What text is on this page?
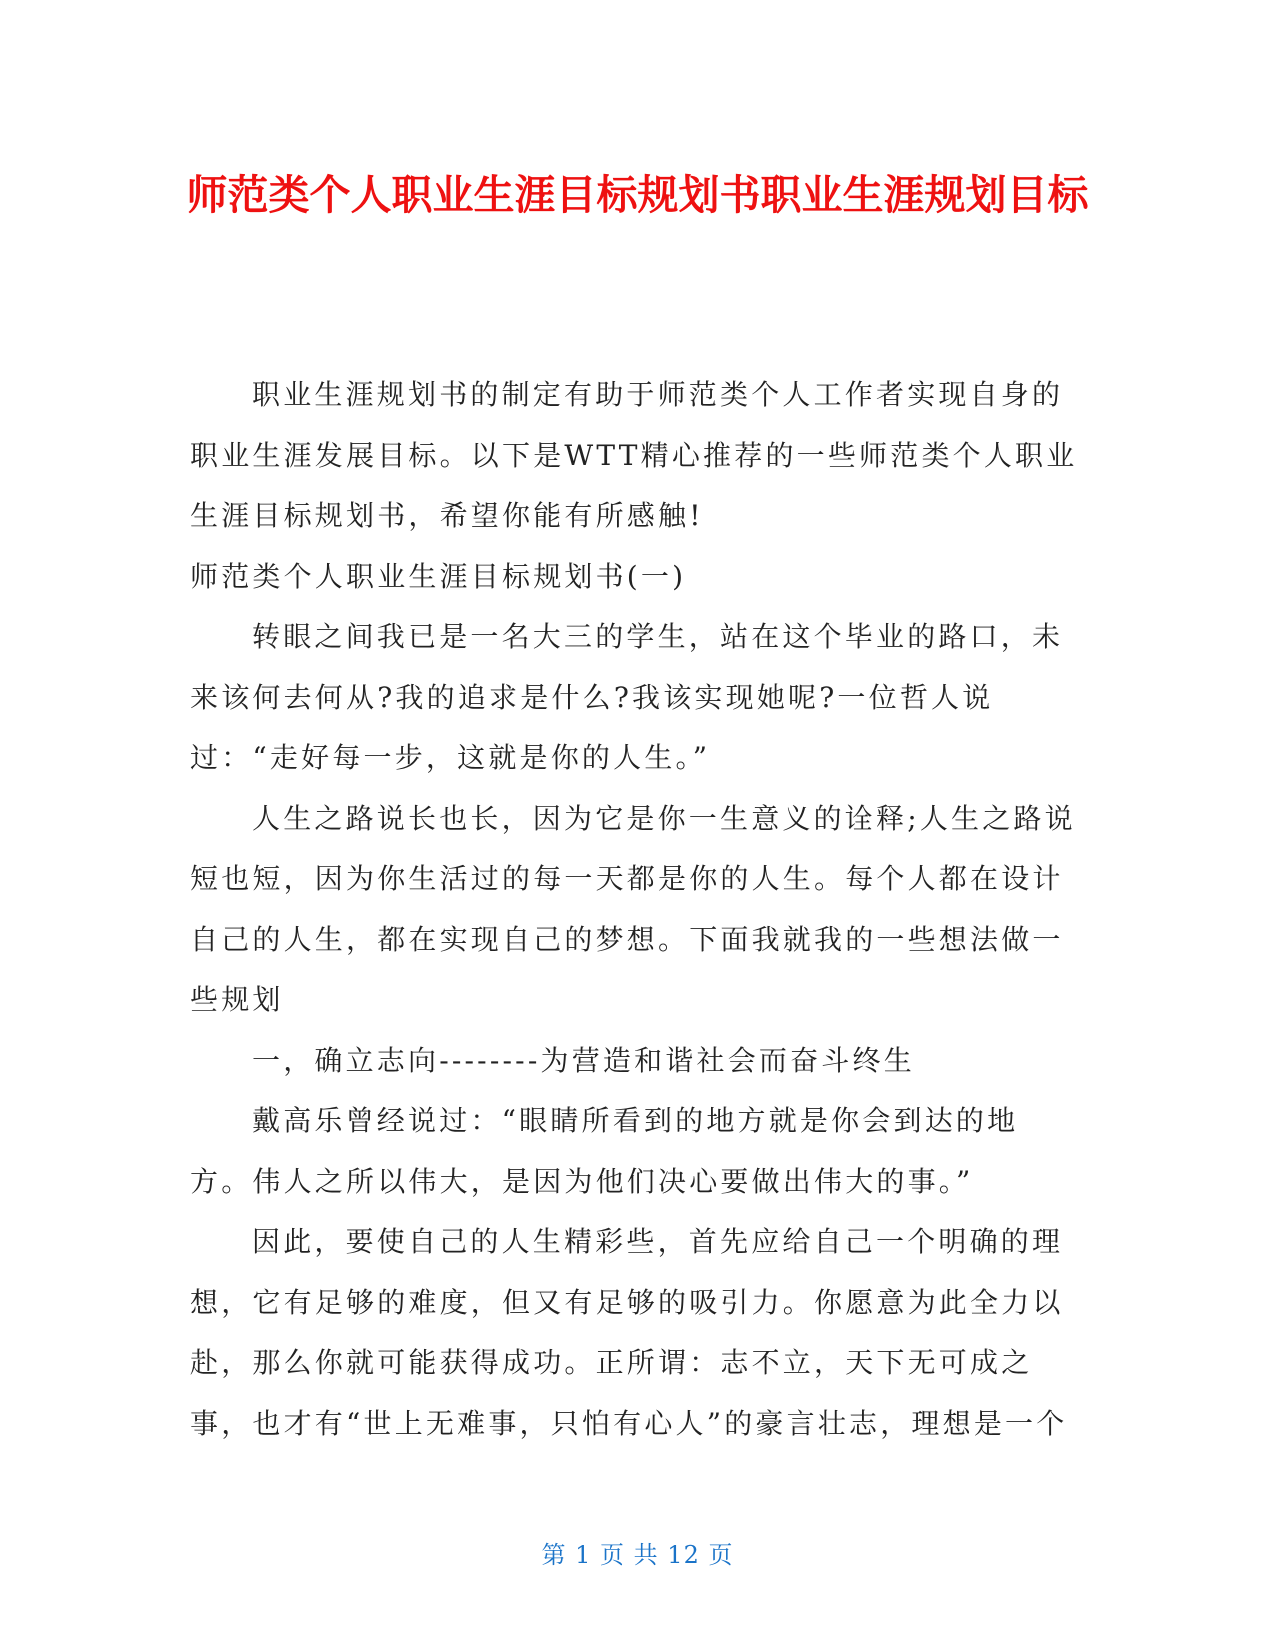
师范类个人职业生涯目标规划书职业生涯规划目标

职业生涯规划书的制定有助于师范类个人工作者实现自身的职业生涯发展目标。以下是WTT精心推荐的一些师范类个人职业生涯目标规划书，希望你能有所感触!

师范类个人职业生涯目标规划书(一)

转眼之间我已是一名大三的学生，站在这个毕业的路口，未来该何去何从?我的追求是什么?我该实现她呢?一位哲人说过：“走好每一步，这就是你的人生。”

人生之路说长也长，因为它是你一生意义的诠释;人生之路说短也短，因为你生活过的每一天都是你的人生。每个人都在设计自己的人生，都在实现自己的梦想。下面我就我的一些想法做一些规划

一，确立志向--------为营造和谐社会而奋斗终生

戴高乐曾经说过：“眼睛所看到的地方就是你会到达的地方。伟人之所以伟大，是因为他们决心要做出伟大的事。”

因此，要使自己的人生精彩些，首先应给自己一个明确的理想，它有足够的难度，但又有足够的吸引力。你愿意为此全力以赴，那么你就可能获得成功。正所谓：志不立，天下无可成之事，也才有“世上无难事，只怕有心人”的豪言壮志，理想是一个

第 1 页 共 12 页
